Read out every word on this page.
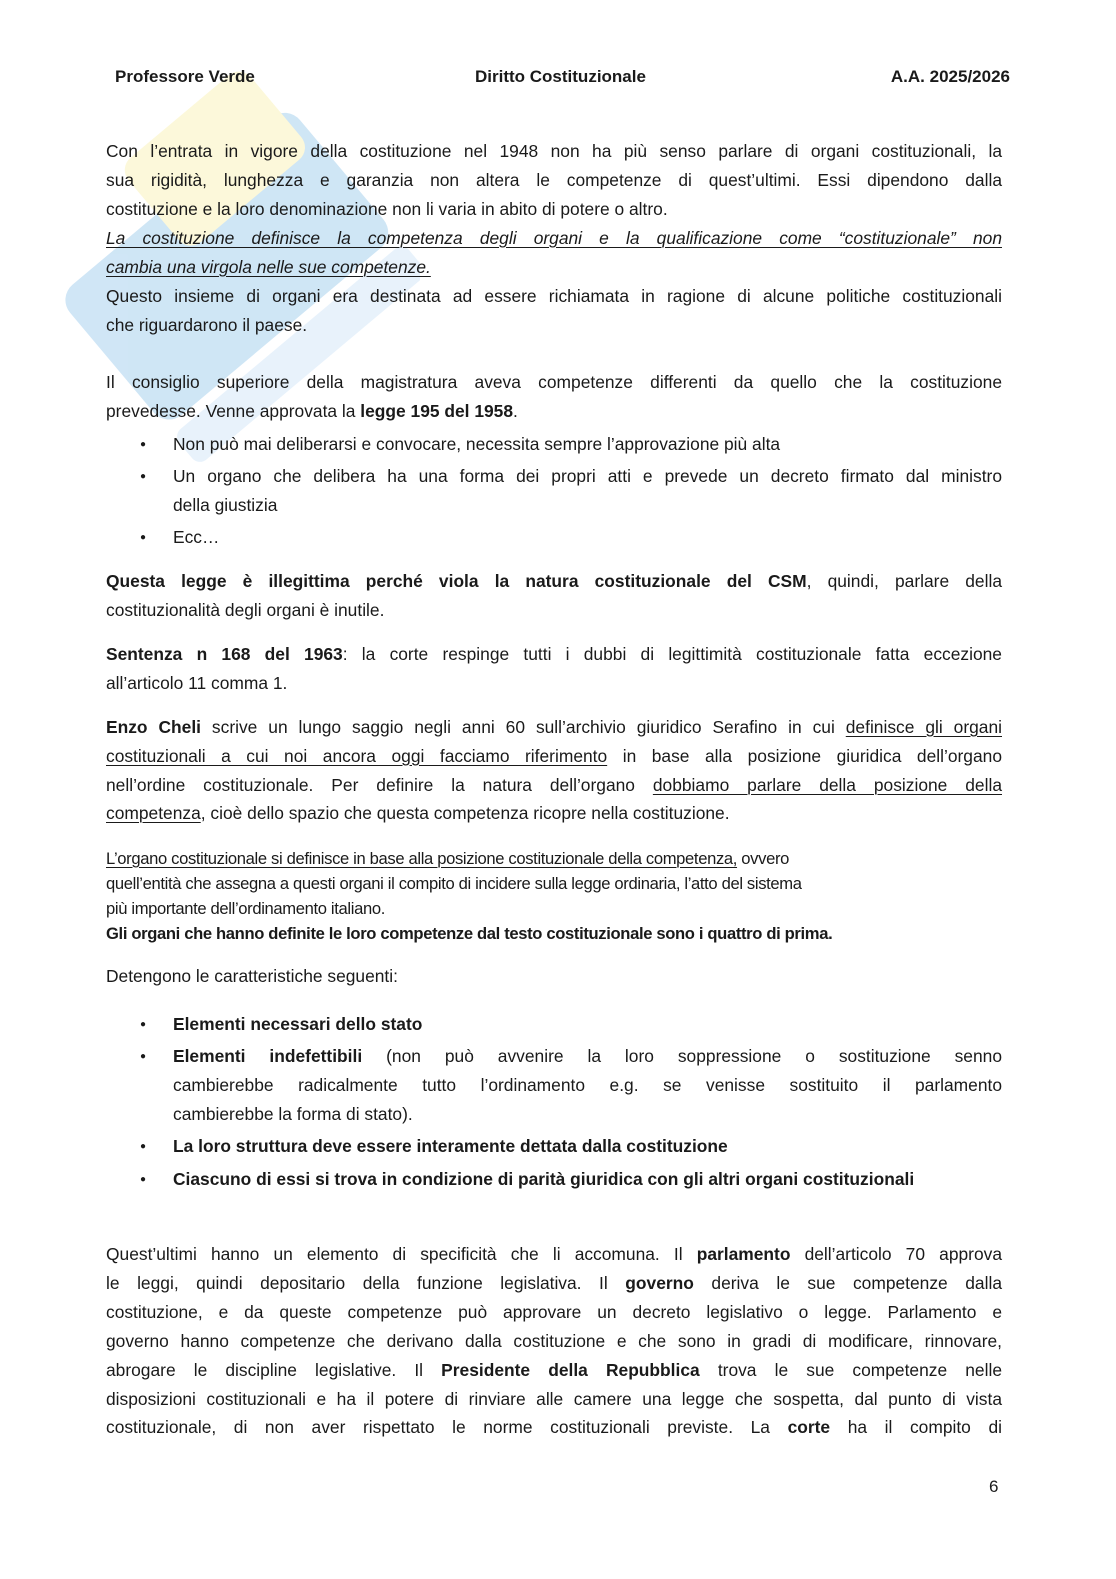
Professore Verde	Diritto Costituzionale	A.A. 2025/2026
Con l’entrata in vigore della costituzione nel 1948 non ha più senso parlare di organi costituzionali, la
sua rigidità, lunghezza e garanzia non altera le competenze di quest’ultimi. Essi dipendono dalla
costituzione e la loro denominazione non li varia in abito di potere o altro.
La costituzione definisce la competenza degli organi e la qualificazione come “costituzionale” non
cambia una virgola nelle sue competenze.
Questo insieme di organi era destinata ad essere richiamata in ragione di alcune politiche costituzionali
che riguardarono il paese.
Il consiglio superiore della magistratura aveva competenze differenti da quello che la costituzione
prevedesse. Venne approvata la legge 195 del 1958.
Non può mai deliberarsi e convocare, necessita sempre l’approvazione più alta
●
Un organo che delibera ha una forma dei propri atti e prevede un decreto firmato dal ministro
●
della giustizia
Ecc…
●
Questa legge è illegittima perché viola la natura costituzionale del CSM, quindi, parlare della
costituzionalità degli organi è inutile.
Sentenza n 168 del 1963: la corte respinge tutti i dubbi di legittimità costituzionale fatta eccezione
all’articolo 11 comma 1.
Enzo Cheli scrive un lungo saggio negli anni 60 sull’archivio giuridico Serafino in cui definisce gli organi
costituzionali a cui noi ancora oggi facciamo riferimento in base alla posizione giuridica dell’organo
nell’ordine costituzionale. Per definire la natura dell’organo dobbiamo parlare della posizione della
competenza, cioè dello spazio che questa competenza ricopre nella costituzione.
L’organo costituzionale si definisce in base alla posizione costituzionale della competenza, ovvero
quell’entità che assegna a questi organi il compito di incidere sulla legge ordinaria, l’atto del sistema
più importante dell’ordinamento italiano.
Gli organi che hanno definite le loro competenze dal testo costituzionale sono i quattro di prima.
Detengono le caratteristiche seguenti:
Elementi necessari dello stato
●
Elementi indefettibili (non può avvenire la loro soppressione o sostituzione senno
●
cambierebbe radicalmente tutto l’ordinamento e.g. se venisse sostituito il parlamento
cambierebbe la forma di stato).
La loro struttura deve essere interamente dettata dalla costituzione
●
Ciascuno di essi si trova in condizione di parità giuridica con gli altri organi costituzionali
●
Quest’ultimi hanno un elemento di specificità che li accomuna. Il parlamento dell’articolo 70 approva
le leggi, quindi depositario della funzione legislativa. Il governo deriva le sue competenze dalla
costituzione, e da queste competenze può approvare un decreto legislativo o legge. Parlamento e
governo hanno competenze che derivano dalla costituzione e che sono in gradi di modificare, rinnovare,
abrogare le discipline legislative. Il Presidente della Repubblica trova le sue competenze nelle
disposizioni costituzionali e ha il potere di rinviare alle camere una legge che sospetta, dal punto di vista
costituzionale, di non aver rispettato le norme costituzionali previste. La corte ha il compito di
6
